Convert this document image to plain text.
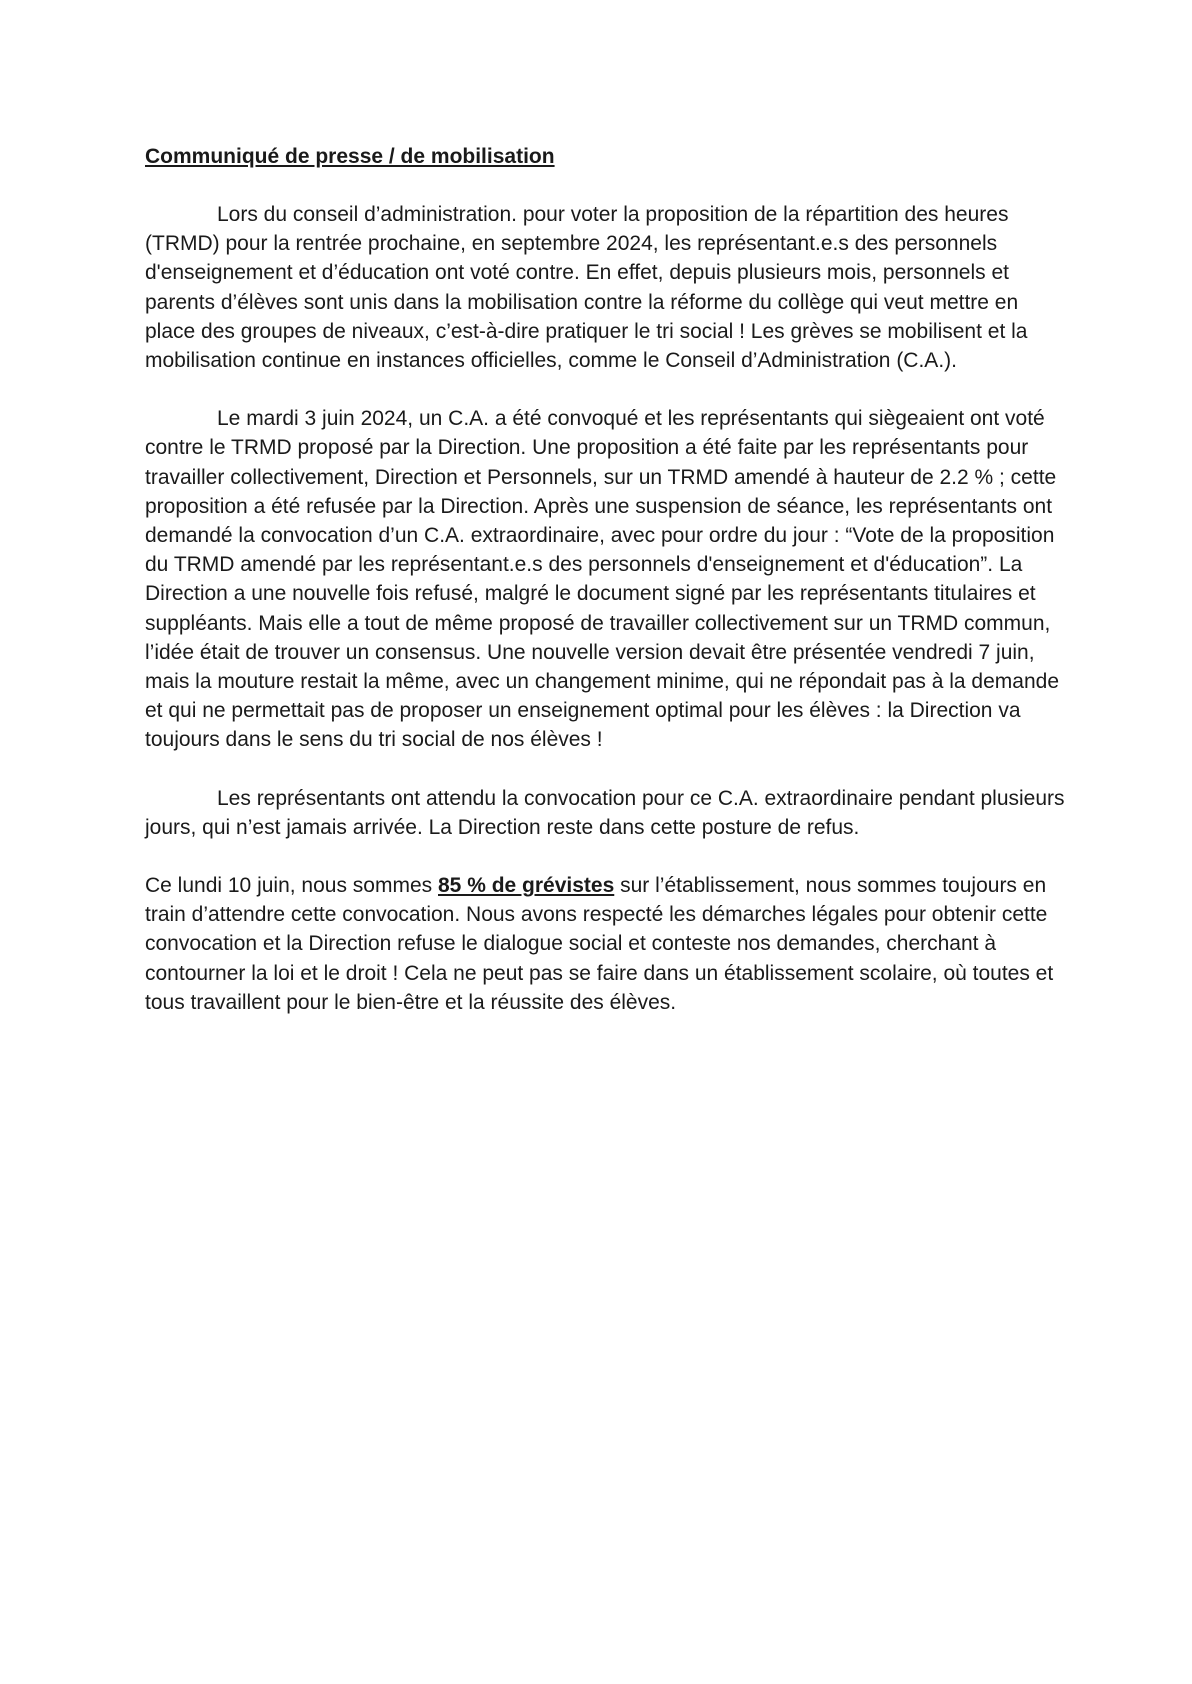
Communiqué de presse / de mobilisation

Lors du conseil d’administration. pour voter la proposition de la répartition des heures (TRMD) pour la rentrée prochaine, en septembre 2024, les représentant.e.s des personnels d'enseignement et d’éducation ont voté contre. En effet, depuis plusieurs mois, personnels et parents d’élèves sont unis dans la mobilisation contre la réforme du collège qui veut mettre en place des groupes de niveaux, c’est-à-dire pratiquer le tri social ! Les grèves se mobilisent et la mobilisation continue en instances officielles, comme le Conseil d’Administration (C.A.).

Le mardi 3 juin 2024, un C.A. a été convoqué et les représentants qui siègeaient ont voté contre le TRMD proposé par la Direction. Une proposition a été faite par les représentants pour travailler collectivement, Direction et Personnels, sur un TRMD amendé à hauteur de 2.2 % ; cette proposition a été refusée par la Direction. Après une suspension de séance, les représentants ont demandé la convocation d’un C.A. extraordinaire, avec pour ordre du jour : “Vote de la proposition du TRMD amendé par les représentant.e.s des personnels d'enseignement et d'éducation”. La Direction a une nouvelle fois refusé, malgré le document signé par les représentants titulaires et suppléants. Mais elle a tout de même proposé de travailler collectivement sur un TRMD commun, l’idée était de trouver un consensus. Une nouvelle version devait être présentée vendredi 7 juin, mais la mouture restait la même, avec un changement minime, qui ne répondait pas à la demande et qui ne permettait pas de proposer un enseignement optimal pour les élèves : la Direction va toujours dans le sens du tri social de nos élèves !

Les représentants ont attendu la convocation pour ce C.A. extraordinaire pendant plusieurs jours, qui n’est jamais arrivée. La Direction reste dans cette posture de refus.

Ce lundi 10 juin, nous sommes 85 % de grévistes sur l’établissement, nous sommes toujours en train d’attendre cette convocation. Nous avons respecté les démarches légales pour obtenir cette convocation et la Direction refuse le dialogue social et conteste nos demandes, cherchant à contourner la loi et le droit ! Cela ne peut pas se faire dans un établissement scolaire, où toutes et tous travaillent pour le bien-être et la réussite des élèves.
